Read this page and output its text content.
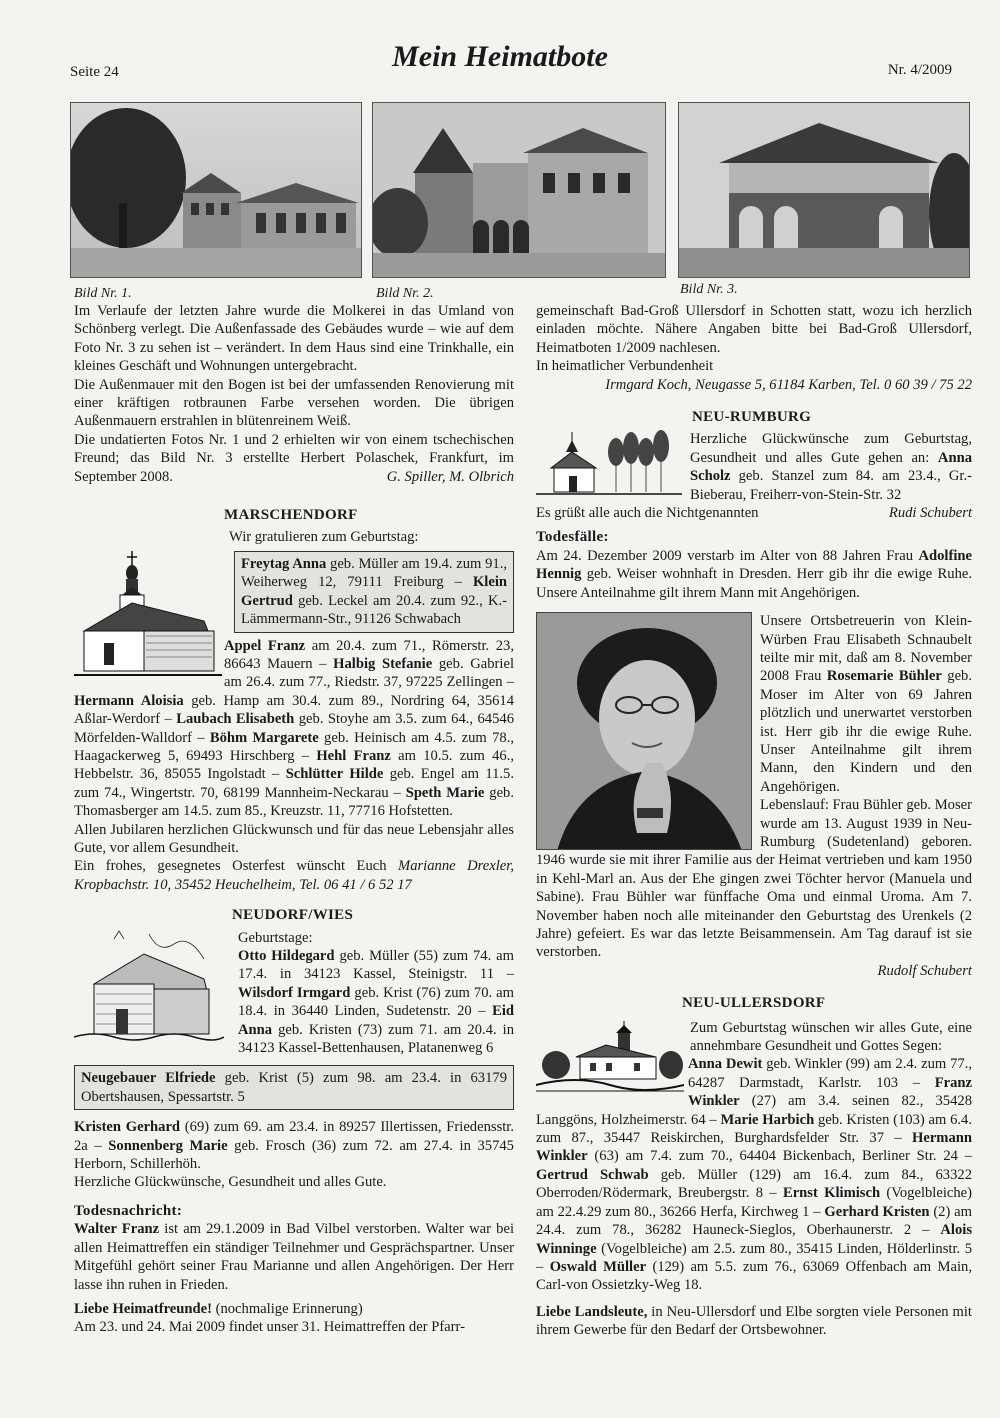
Seite 24	Mein Heimatbote	Nr. 4/2009
Bild Nr. 1.	Bild Nr. 2.	Bild Nr. 3.

Im Verlaufe der letzten Jahre wurde die Molkerei in das Umland von Schönberg verlegt. Die Außenfassade des Gebäudes wurde – wie auf dem Foto Nr. 3 zu sehen ist – verändert. In dem Haus sind eine Trinkhalle, ein kleines Geschäft und Wohnungen untergebracht.

Die Außenmauer mit den Bogen ist bei der umfassenden Renovierung mit einer kräftigen rotbraunen Farbe versehen worden. Die übrigen Außenmauern erstrahlen in blütenreinem Weiß.

Die undatierten Fotos Nr. 1 und 2 erhielten wir von einem tschechischen Freund; das Bild Nr. 3 erstellte Herbert Polaschek, Frankfurt, im September 2008.	G. Spiller, M. Olbrich

MARSCHENDORF
Wir gratulieren zum Geburtstag:
Freytag Anna geb. Müller am 19.4. zum 91., Weiherweg 12, 79111 Freiburg – Klein Gertrud geb. Leckel am 20.4. zum 92., K.-Lämmermann-Str., 91126 Schwabach

Appel Franz am 20.4. zum 71., Römerstr. 23, 86643 Mauern – Halbig Stefanie geb. Gabriel am 26.4. zum 77., Riedstr. 37, 97225 Zellingen – Hermann Aloisia geb. Hamp am 30.4. zum 89., Nordring 64, 35614 Aßlar-Werdorf – Laubach Elisabeth geb. Stoyhe am 3.5. zum 64., 64546 Mörfelden-Walldorf – Böhm Margarete geb. Heinisch am 4.5. zum 78., Haagackerweg 5, 69493 Hirschberg – Hehl Franz am 10.5. zum 46., Hebbelstr. 36, 85055 Ingolstadt – Schlütter Hilde geb. Engel am 11.5. zum 74., Wingertstr. 70, 68199 Mannheim-Neckarau – Speth Marie geb. Thomasberger am 14.5. zum 85., Kreuzstr. 11, 77716 Hofstetten.

Allen Jubilaren herzlichen Glückwunsch und für das neue Lebensjahr alles Gute, vor allem Gesundheit.

Ein frohes, gesegnetes Osterfest wünscht Euch Marianne Drexler, Kropbachstr. 10, 35452 Heuchelheim, Tel. 06 41 / 6 52 17

NEUDORF/WIES
Geburtstage:

Otto Hildegard geb. Müller (55) zum 74. am 17.4. in 34123 Kassel, Steinigstr. 11 – Wilsdorf Irmgard geb. Krist (76) zum 70. am 18.4. in 36440 Linden, Sudetenstr. 20 – Eid Anna geb. Kristen (73) zum 71. am 20.4. in 34123 Kassel-Bettenhausen, Platanenweg 6

Neugebauer Elfriede geb. Krist (5) zum 98. am 23.4. in 63179 Obertshausen, Spessartstr. 5

Kristen Gerhard (69) zum 69. am 23.4. in 89257 Illertissen, Friedensstr. 2a – Sonnenberg Marie geb. Frosch (36) zum 72. am 27.4. in 35745 Herborn, Schillerhöh.

Herzliche Glückwünsche, Gesundheit und alles Gute.

Todesnachricht:

Walter Franz ist am 29.1.2009 in Bad Vilbel verstorben. Walter war bei allen Heimattreffen ein ständiger Teilnehmer und Gesprächspartner. Unser Mitgefühl gehört seiner Frau Marianne und allen Angehörigen. Der Herr lasse ihn ruhen in Frieden.

Liebe Heimatfreunde! (nochmalige Erinnerung)

Am 23. und 24. Mai 2009 findet unser 31. Heimattreffen der Pfarr-

gemeinschaft Bad-Groß Ullersdorf in Schotten statt, wozu ich herzlich einladen möchte. Nähere Angaben bitte bei Bad-Groß Ullersdorf, Heimatboten 1/2009 nachlesen.

In heimatlicher Verbundenheit

Irmgard Koch, Neugasse 5, 61184 Karben, Tel. 0 60 39 / 75 22

NEU-RUMBURG

Herzliche Glückwünsche zum Geburtstag, Gesundheit und alles Gute gehen an: Anna Scholz geb. Stanzel zum 84. am 23.4., Gr.-Bieberau, Freiherr-von-Stein-Str. 32

Es grüßt alle auch die Nichtgenannten	Rudi Schubert

Todesfälle:

Am 24. Dezember 2009 verstarb im Alter von 88 Jahren Frau Adolfine Hennig geb. Weiser wohnhaft in Dresden. Herr gib ihr die ewige Ruhe. Unsere Anteilnahme gilt ihrem Mann mit Angehörigen.

Unsere Ortsbetreuerin von Klein-Würben Frau Elisabeth Schnaubelt teilte mir mit, daß am 8. November 2008 Frau Rosemarie Bühler geb. Moser im Alter von 69 Jahren plötzlich und unerwartet verstorben ist. Herr gib ihr die ewige Ruhe. Unser Anteilnahme gilt ihrem Mann, den Kindern und den Angehörigen.

Lebenslauf: Frau Bühler geb. Moser wurde am 13. August 1939 in Neu-Rumburg (Sudetenland) geboren. 1946 wurde sie mit ihrer Familie aus der Heimat vertrieben und kam 1950 in Kehl-Marl an. Aus der Ehe gingen zwei Töchter hervor (Manuela und Sabine). Frau Bühler war fünffache Oma und einmal Uroma. Am 7. November haben noch alle miteinander den Geburtstag des Urenkels (2 Jahre) gefeiert. Es war das letzte Beisammensein. Am Tag darauf ist sie verstorben.

Rudolf Schubert

NEU-ULLERSDORF

Zum Geburtstag wünschen wir alles Gute, eine annehmbare Gesundheit und Gottes Segen:

Anna Dewit geb. Winkler (99) am 2.4. zum 77., 64287 Darmstadt, Karlstr. 103 – Franz Winkler (27) am 3.4. seinen 82., 35428 Langgöns, Holzheimerstr. 64 – Marie Harbich geb. Kristen (103) am 6.4. zum 87., 35447 Reiskirchen, Burghardsfelder Str. 37 – Hermann Winkler (63) am 7.4. zum 70., 64404 Bickenbach, Berliner Str. 24 – Gertrud Schwab geb. Müller (129) am 16.4. zum 84., 63322 Oberroden/Rödermark, Breubergstr. 8 – Ernst Klimisch (Vogelbleiche) am 22.4.29 zum 80., 36266 Herfa, Kirchweg 1 – Gerhard Kristen (2) am 24.4. zum 78., 36282 Hauneck-Sieglos, Oberhaunerstr. 2 – Alois Winninge (Vogelbleiche) am 2.5. zum 80., 35415 Linden, Hölderlinstr. 5 – Oswald Müller (129) am 5.5. zum 76., 63069 Offenbach am Main, Carl-von Ossietzky-Weg 18.

Liebe Landsleute, in Neu-Ullersdorf und Elbe sorgten viele Personen mit ihrem Gewerbe für den Bedarf der Ortsbewohner.
